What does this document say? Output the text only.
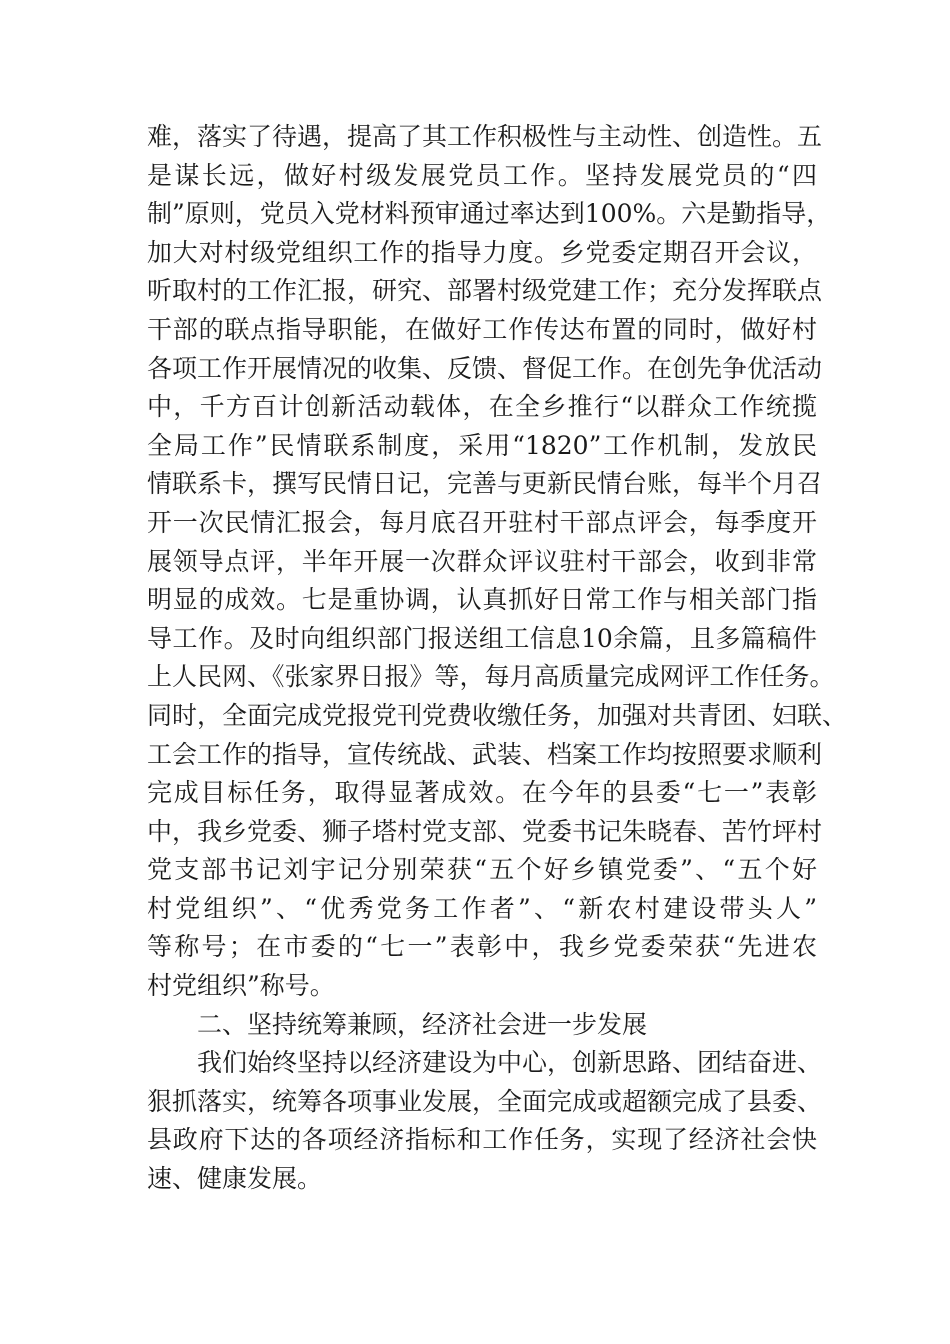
难，落实了待遇，提高了其工作积极性与主动性、创造性。五
是谋长远，做好村级发展党员工作。坚持发展党员的“四
制”原则，党员入党材料预审通过率达到100%。六是勤指导，
加大对村级党组织工作的指导力度。乡党委定期召开会议，
听取村的工作汇报，研究、部署村级党建工作；充分发挥联点
干部的联点指导职能，在做好工作传达布置的同时，做好村
各项工作开展情况的收集、反馈、督促工作。在创先争优活动
中，千方百计创新活动载体，在全乡推行“以群众工作统揽
全局工作”民情联系制度，采用“1820”工作机制，发放民
情联系卡，撰写民情日记，完善与更新民情台账，每半个月召
开一次民情汇报会，每月底召开驻村干部点评会，每季度开
展领导点评，半年开展一次群众评议驻村干部会，收到非常
明显的成效。七是重协调，认真抓好日常工作与相关部门指
导工作。及时向组织部门报送组工信息10余篇，且多篇稿件
上人民网、《张家界日报》等，每月高质量完成网评工作任务。
同时，全面完成党报党刊党费收缴任务，加强对共青团、妇联、
工会工作的指导，宣传统战、武装、档案工作均按照要求顺利
完成目标任务，取得显著成效。在今年的县委“七一”表彰
中，我乡党委、狮子塔村党支部、党委书记朱晓春、苦竹坪村
党支部书记刘宇记分别荣获“五个好乡镇党委”、“五个好
村党组织”、“优秀党务工作者”、“新农村建设带头人”
等称号；在市委的“七一”表彰中，我乡党委荣获“先进农
村党组织”称号。
二、坚持统筹兼顾，经济社会进一步发展
我们始终坚持以经济建设为中心，创新思路、团结奋进、
狠抓落实，统筹各项事业发展，全面完成或超额完成了县委、
县政府下达的各项经济指标和工作任务，实现了经济社会快
速、健康发展。
